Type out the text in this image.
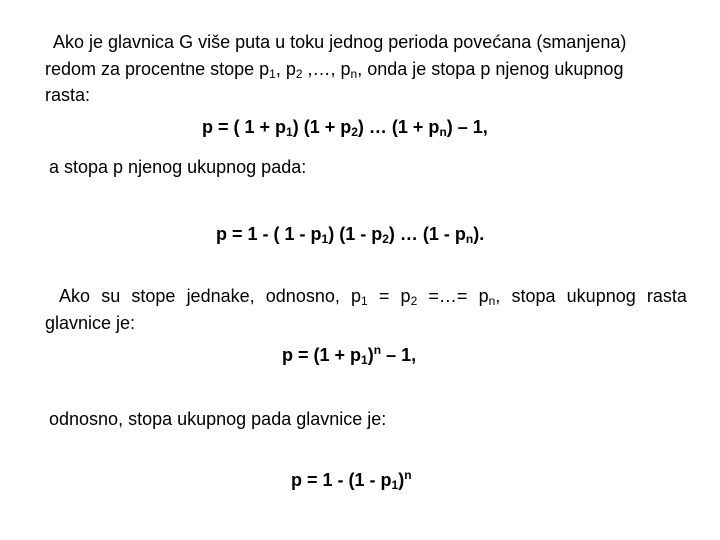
Ako je glavnica G više puta u toku jednog perioda povećana (smanjena)
redom za procentne stope $p_1$, $p_2$ ,…, $p_n$, onda je stopa p njenog ukupnog
rasta:
p = ( $1 + p_1$) $(1 + p_2)$ … $(1 + p_n) - 1$,
a stopa p njenog ukupnog pada:
p = 1 - ( $1 - p_1$) $(1 - p_2)$ … $(1 - p_n)$.
Ako su stope jednake, odnosno, $p_1 = p_2$ =…= $p_n$, stopa ukupnog rasta
glavnice je:
$p = (1 + p_1)^n - 1$,
odnosno, stopa ukupnog pada glavnice je:
$p = 1 - (1 - p_1)^n$
